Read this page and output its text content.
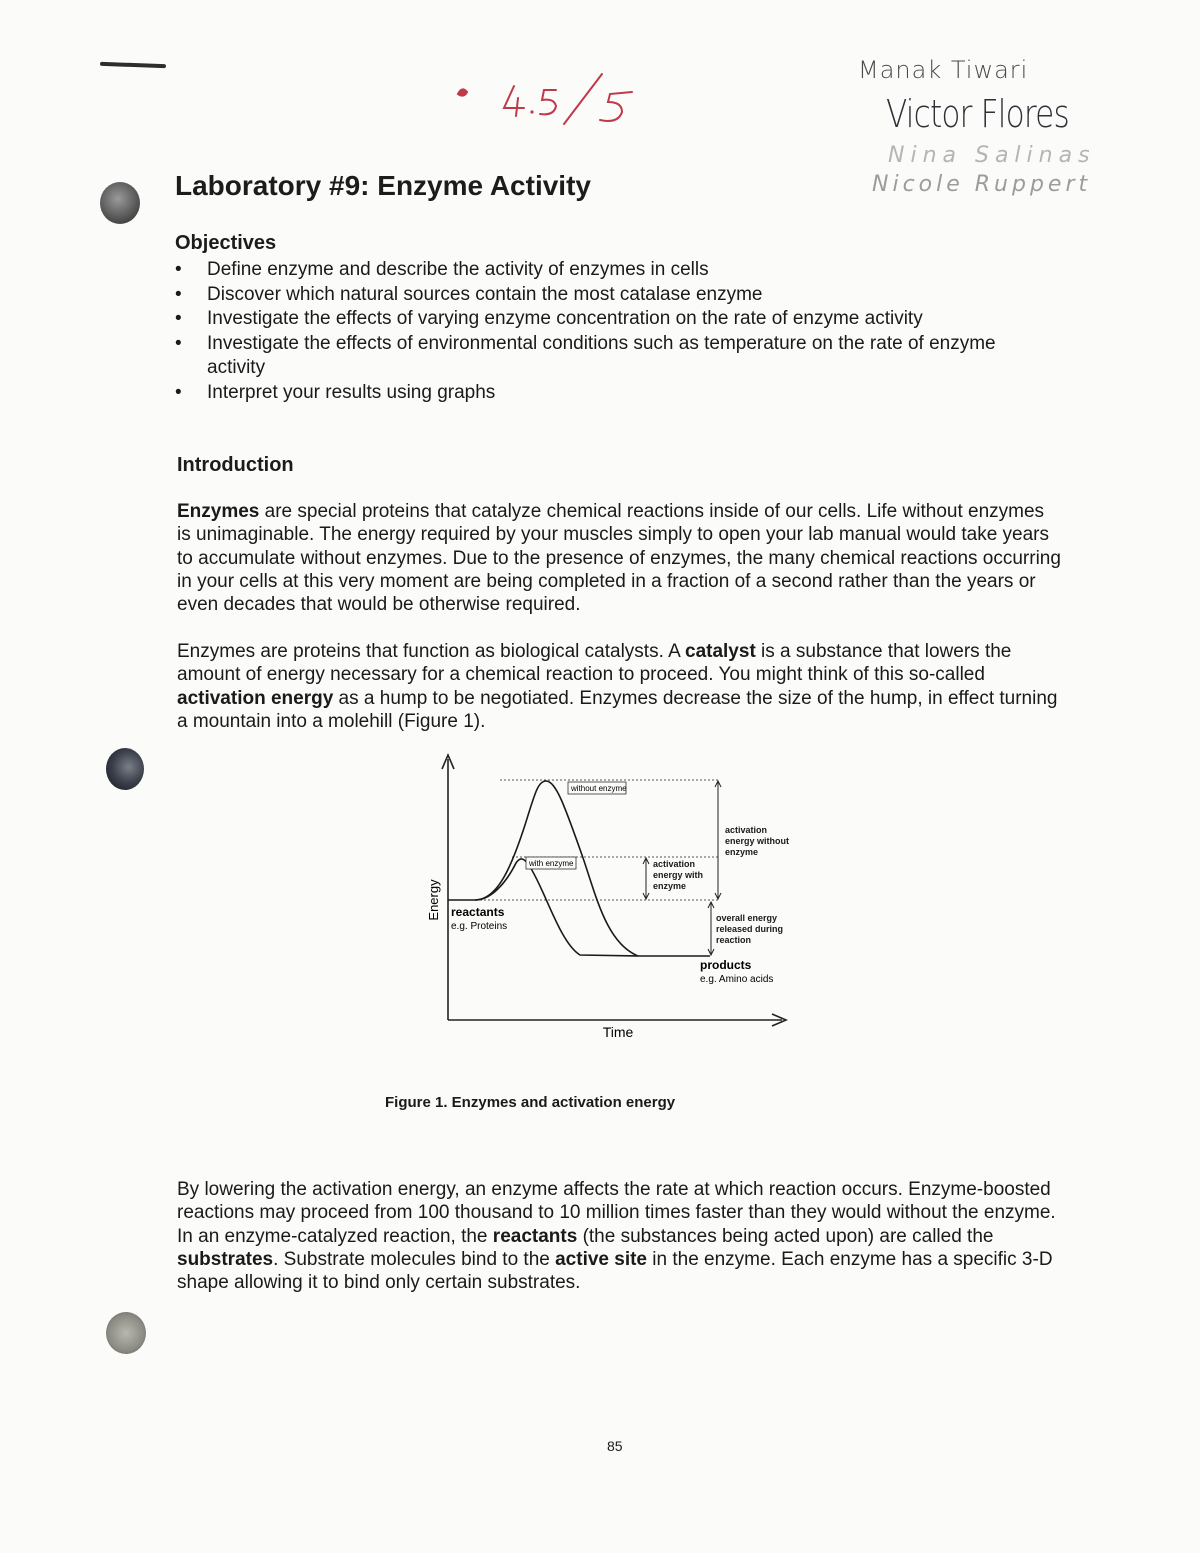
Manak Tiwari
Victor Flores
Nina Salinas
Nicole Ruppert
Laboratory #9: Enzyme Activity
Objectives
• Define enzyme and describe the activity of enzymes in cells
• Discover which natural sources contain the most catalase enzyme
• Investigate the effects of varying enzyme concentration on the rate of enzyme activity
• Investigate the effects of environmental conditions such as temperature on the rate of enzyme activity
• Interpret your results using graphs
Introduction

Enzymes are special proteins that catalyze chemical reactions inside of our cells. Life without enzymes is unimaginable. The energy required by your muscles simply to open your lab manual would take years to accumulate without enzymes. Due to the presence of enzymes, the many chemical reactions occurring in your cells at this very moment are being completed in a fraction of a second rather than the years or even decades that would be otherwise required.

Enzymes are proteins that function as biological catalysts. A catalyst is a substance that lowers the amount of energy necessary for a chemical reaction to proceed. You might think of this so-called activation energy as a hump to be negotiated. Enzymes decrease the size of the hump, in effect turning a mountain into a molehill (Figure 1).

without enzyme
with enzyme	activation
energy with
enzyme
activation
energy without
enzyme
overall energy
released during
reaction
reactants
e.g. Proteins
products
e.g. Amino acids
Energy
Time
Figure 1. Enzymes and activation energy

By lowering the activation energy, an enzyme affects the rate at which reaction occurs. Enzyme-boosted reactions may proceed from 100 thousand to 10 million times faster than they would without the enzyme. In an enzyme-catalyzed reaction, the reactants (the substances being acted upon) are called the substrates. Substrate molecules bind to the active site in the enzyme. Each enzyme has a specific 3-D shape allowing it to bind only certain substrates.

85
